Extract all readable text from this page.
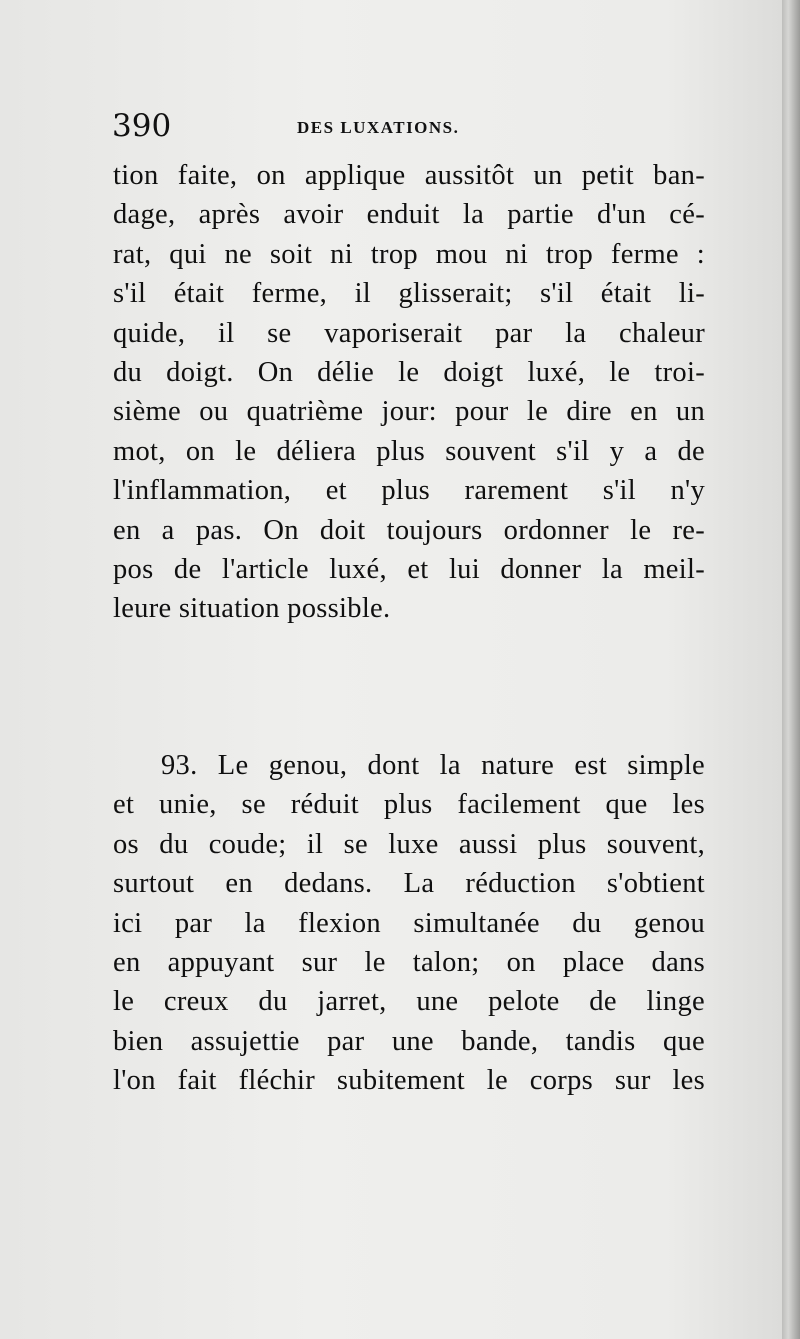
390	DES LUXATIONS.
tion faite, on applique aussitôt un petit ban-
dage, après avoir enduit la partie d'un cé-
rat, qui ne soit ni trop mou ni trop ferme :
s'il était ferme, il glisserait; s'il était li-
quide, il se vaporiserait par la chaleur
du doigt. On délie le doigt luxé, le troi-
sième ou quatrième jour: pour le dire en un
mot, on le déliera plus souvent s'il y a de
l'inflammation, et plus rarement s'il n'y
en a pas. On doit toujours ordonner le re-
pos de l'article luxé, et lui donner la meil-
leure situation possible.
93. Le genou, dont la nature est simple
et unie, se réduit plus facilement que les
os du coude; il se luxe aussi plus souvent,
surtout en dedans. La réduction s'obtient
ici par la flexion simultanée du genou
en appuyant sur le talon; on place dans
le creux du jarret, une pelote de linge
bien assujettie par une bande, tandis que
l'on fait fléchir subitement le corps sur les
